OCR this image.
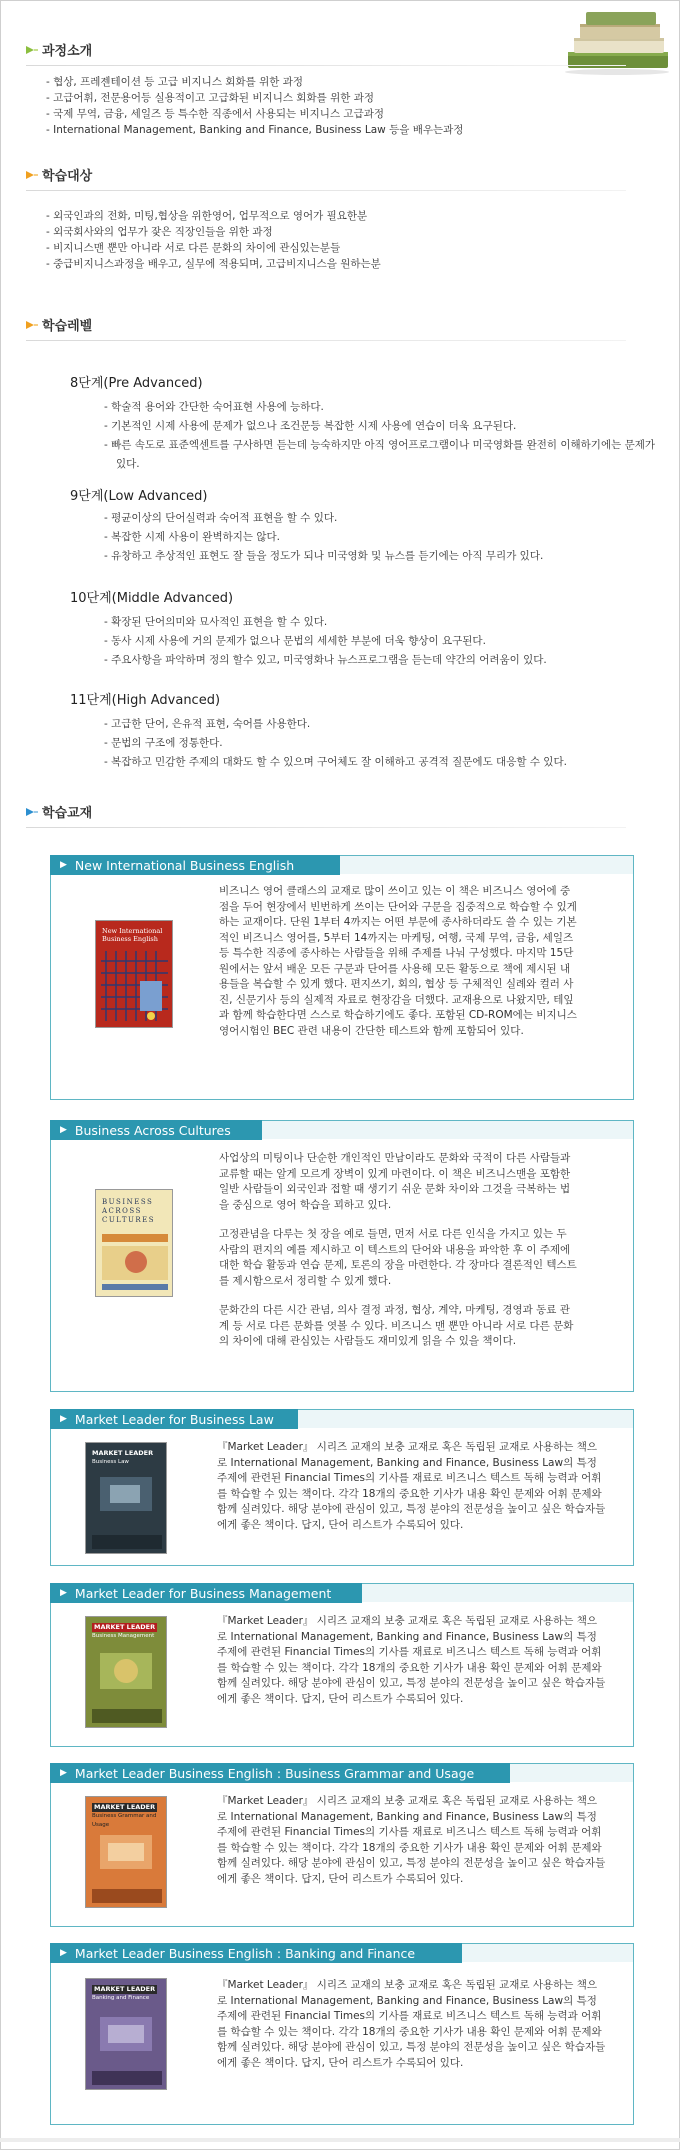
과정소개
- 협상, 프레젠테이션 등 고급 비지니스 회화를 위한 과정
- 고급어휘, 전문용어등 실용적이고 고급화된 비지니스 회화를 위한 과정
- 국제 무역, 금융, 세일즈 등 특수한 직종에서 사용되는 비지니스 고급과정
- International Management, Banking and Finance, Business Law 등을 배우는과정
학습대상
- 외국인과의 전화, 미팅,협상을 위한영어, 업무적으로 영어가 필요한분
- 외국회사와의 업무가 잦은 직장인들을 위한 과정
- 비지니스맨 뿐만 아니라 서로 다른 문화의 차이에 관심있는분들
- 중급비지니스과정을 배우고, 실무에 적용되며, 고급비지니스을 원하는분
학습레벨
8단계(Pre Advanced)
- 학술적 용어와 간단한 숙어표현 사용에 능하다.
- 기본적인 시제 사용에 문제가 없으나 조건문등 복잡한 시제 사용에 연습이 더욱 요구된다.
- 빠른 속도로 표준엑센트를 구사하면 듣는데 능숙하지만 아직 영어프로그램이나 미국영화를 완전히 이해하기에는 문제가 있다.
9단계(Low Advanced)
- 평균이상의 단어실력과 숙어적 표현을 할 수 있다.
- 복잡한 시제 사용이 완벽하지는 않다.
- 유창하고 추상적인 표현도 잘 들을 정도가 되나 미국영화 및 뉴스를 듣기에는 아직 무리가 있다.
10단계(Middle Advanced)
- 확장된 단어의미와 묘사적인 표현을 할 수 있다.
- 동사 시제 사용에 거의 문제가 없으나 문법의 세세한 부분에 더욱 향상이 요구된다.
- 주요사항을 파악하며 정의 할수 있고, 미국영화나 뉴스프로그램을 듣는데 약간의 어려움이 있다.
11단계(High Advanced)
- 고급한 단어, 은유적 표현, 숙어를 사용한다.
- 문법의 구조에 정통한다.
- 복잡하고 민감한 주제의 대화도 할 수 있으며 구어체도 잘 이해하고 공격적 질문에도 대응할 수 있다.
학습교재
▶ New International Business English
New International
Business English

비즈니스 영어 클래스의 교재로 많이 쓰이고 있는 이 책은 비즈니스 영어에 중점을 두어 현장에서 빈번하게 쓰이는 단어와 구문을 집중적으로 학습할 수 있게 하는 교재이다. 단원 1부터 4까지는 어떤 부문에 종사하더라도 쓸 수 있는 기본적인 비즈니스 영어를, 5부터 14까지는 마케팅, 여행, 국제 무역, 금융, 세일즈 등 특수한 직종에 종사하는 사람들을 위해 주제를 나눠 구성했다. 마지막 15단원에서는 앞서 배운 모든 구문과 단어를 사용해 모든 활동으로 책에 제시된 내용들을 복습할 수 있게 했다. 편지쓰기, 회의, 협상 등 구체적인 실례와 컬러 사진, 신문기사 등의 실제적 자료로 현장감을 더했다. 교재용으로 나왔지만, 테잎과 함께 학습한다면 스스로 학습하기에도 좋다. 포함된 CD-ROM에는 비지니스 영어시험인 BEC 관련 내용이 간단한 테스트와 함께 포함되어 있다.

▶ Business Across Cultures
BUSINESS
ACROSS
CULTURES

사업상의 미팅이나 단순한 개인적인 만남이라도 문화와 국적이 다른 사람들과 교류할 때는 알게 모르게 장벽이 있게 마련이다. 이 책은 비즈니스맨을 포함한 일반 사람들이 외국인과 접할 때 생기기 쉬운 문화 차이와 그것을 극복하는 법을 중심으로 영어 학습을 꾀하고 있다.

고정관념을 다루는 첫 장을 예로 들면, 먼저 서로 다른 인식을 가지고 있는 두 사람의 편지의 예를 제시하고 이 텍스트의 단어와 내용을 파악한 후 이 주제에 대한 학습 활동과 연습 문제, 토론의 장을 마련한다. 각 장마다 결론적인 텍스트를 제시함으로서 정리할 수 있게 했다.

문화간의 다른 시간 관념, 의사 결정 과정, 협상, 계약, 마케팅, 경영과 동료 관계 등 서로 다른 문화를 엿볼 수 있다. 비즈니스 맨 뿐만 아니라 서로 다른 문화의 차이에 대해 관심있는 사람들도 재미있게 읽을 수 있을 책이다.

▶ Market Leader for Business Law
MARKET LEADER
Business Law

『Market Leader』 시리즈 교재의 보충 교재로 혹은 독립된 교재로 사용하는 책으로 International Management, Banking and Finance, Business Law의 특정 주제에 관련된 Financial Times의 기사를 재료로 비즈니스 텍스트 독해 능력과 어휘를 학습할 수 있는 책이다. 각각 18개의 중요한 기사가 내용 확인 문제와 어휘 문제와 함께 실려있다. 해당 분야에 관심이 있고, 특정 분야의 전문성을 높이고 싶은 학습자들에게 좋은 책이다. 답지, 단어 리스트가 수록되어 있다.

▶ Market Leader for Business Management
MARKET LEADER
Business Management

『Market Leader』 시리즈 교재의 보충 교재로 혹은 독립된 교재로 사용하는 책으로 International Management, Banking and Finance, Business Law의 특정 주제에 관련된 Financial Times의 기사를 재료로 비즈니스 텍스트 독해 능력과 어휘를 학습할 수 있는 책이다. 각각 18개의 중요한 기사가 내용 확인 문제와 어휘 문제와 함께 실려있다. 해당 분야에 관심이 있고, 특정 분야의 전문성을 높이고 싶은 학습자들에게 좋은 책이다. 답지, 단어 리스트가 수록되어 있다.

▶ Market Leader Business English : Business Grammar and Usage
MARKET LEADER
Business Grammar and Usage

『Market Leader』 시리즈 교재의 보충 교재로 혹은 독립된 교재로 사용하는 책으로 International Management, Banking and Finance, Business Law의 특정 주제에 관련된 Financial Times의 기사를 재료로 비즈니스 텍스트 독해 능력과 어휘를 학습할 수 있는 책이다. 각각 18개의 중요한 기사가 내용 확인 문제와 어휘 문제와 함께 실려있다. 해당 분야에 관심이 있고, 특정 분야의 전문성을 높이고 싶은 학습자들에게 좋은 책이다. 답지, 단어 리스트가 수록되어 있다.

▶ Market Leader Business English : Banking and Finance
MARKET LEADER
Banking and Finance

『Market Leader』 시리즈 교재의 보충 교재로 혹은 독립된 교재로 사용하는 책으로 International Management, Banking and Finance, Business Law의 특정 주제에 관련된 Financial Times의 기사를 재료로 비즈니스 텍스트 독해 능력과 어휘를 학습할 수 있는 책이다. 각각 18개의 중요한 기사가 내용 확인 문제와 어휘 문제와 함께 실려있다. 해당 분야에 관심이 있고, 특정 분야의 전문성을 높이고 싶은 학습자들에게 좋은 책이다. 답지, 단어 리스트가 수록되어 있다.
